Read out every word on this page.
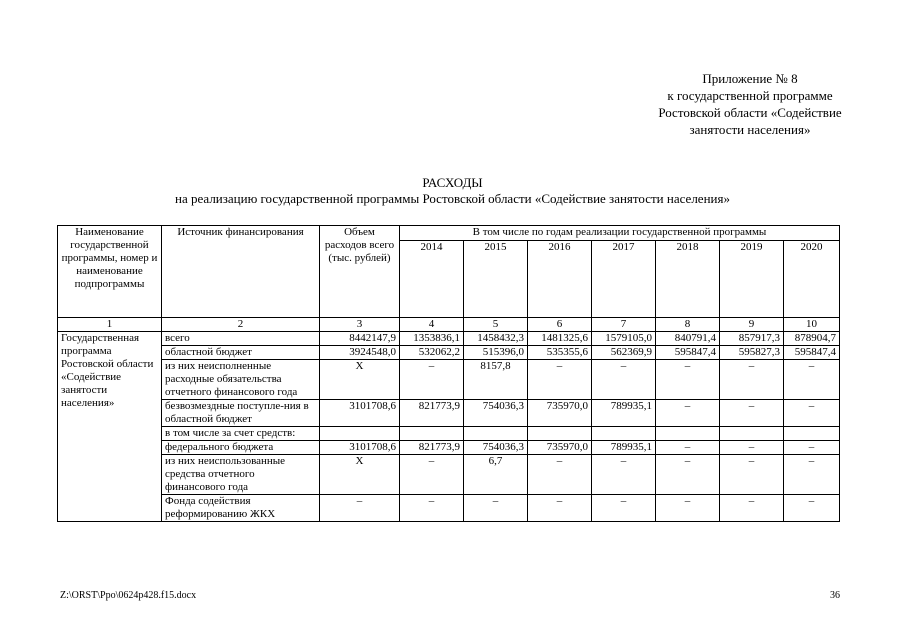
Приложение № 8
к государственной программе
Ростовской области «Содействие
занятости населения»
РАСХОДЫ
на реализацию государственной программы Ростовской области «Содействие занятости населения»
Наименование государственной программы, номер и наименование подпрограммы	Источник финансирования	Объем расходов всего (тыс. рублей)	В том числе по годам реализации государственной программы						
			2014	2015	2016	2017	2018	2019	2020
1	2	3	4	5	6	7	8	9	10
Государственная программа Ростовской области «Содействие занятости населения»	всего	8442147,9	1353836,1	1458432,3	1481325,6	1579105,0	840791,4	857917,3	878904,7
	областной бюджет	3924548,0	532062,2	515396,0	535355,6	562369,9	595847,4	595827,3	595847,4
	из них неисполненные расходные обязательства отчетного финансового года	Х	–	8157,8	–	–	–	–	–
	безвозмездные поступле-ния в областной бюджет	3101708,6	821773,9	754036,3	735970,0	789935,1	–	–	–
	в том числе за счет средств:								
	федерального бюджета	3101708,6	821773,9	754036,3	735970,0	789935,1	–	–	–
	из них неиспользованные средства отчетного финансового года	Х	–	6,7	–	–	–	–	–
	Фонда содействия реформированию ЖКХ	–	–	–	–	–	–	–	–
Z:\ORST\Ppo\0624p428.f15.docx	36
